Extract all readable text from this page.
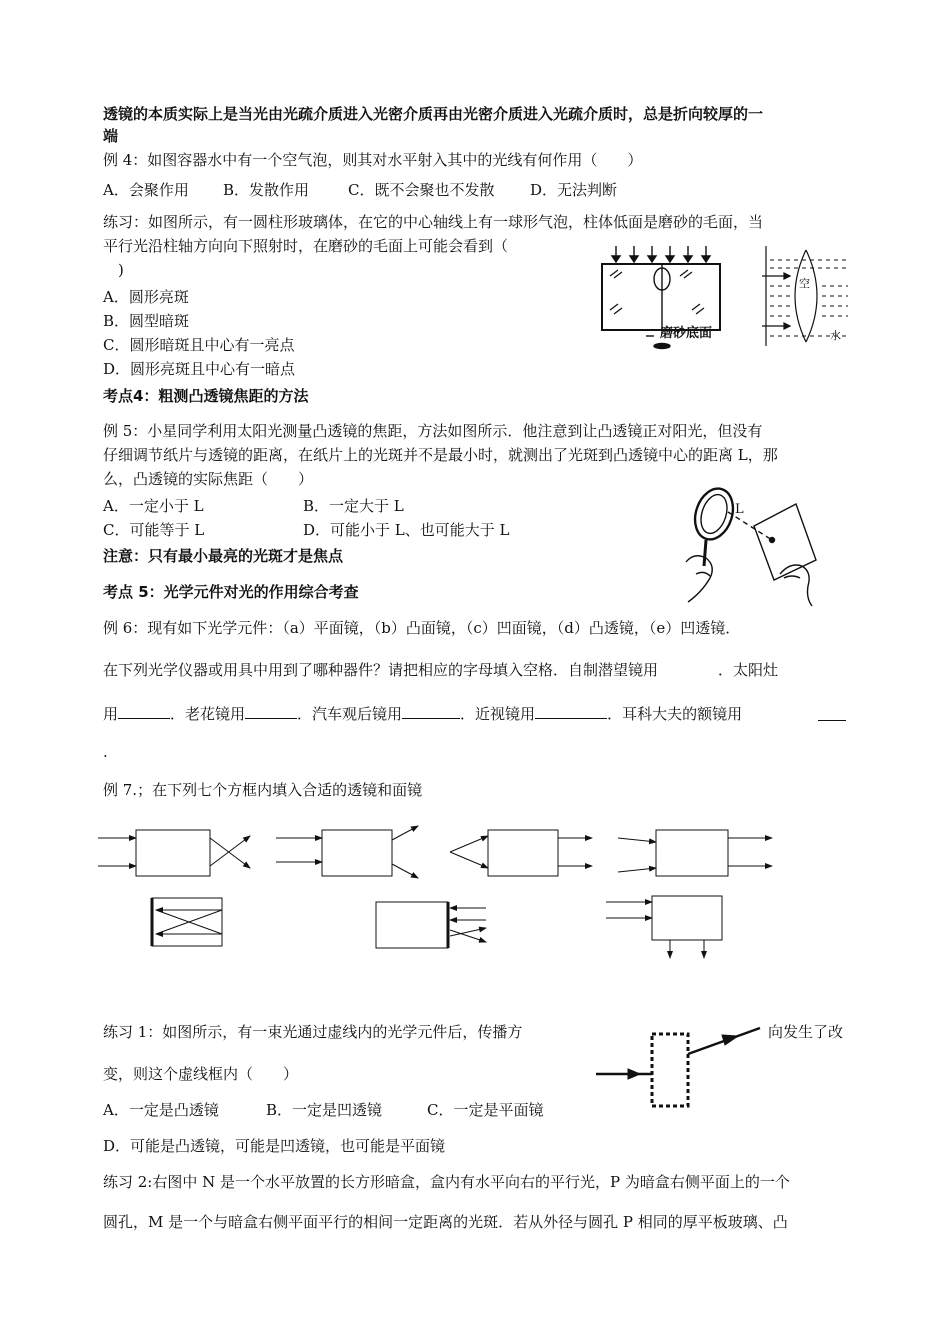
透镜的本质实际上是当光由光疏介质进入光密介质再由光密介质进入光疏介质时，总是折向较厚的一
端
例 4：如图容器水中有一个空气泡，则其对水平射入其中的光线有何作用（　　）
A．会聚作用 B．发散作用	C．既不会聚也不发散 D．无法判断
练习：如图所示，有一圆柱形玻璃体，在它的中心轴线上有一球形气泡，柱体低面是磨砂的毛面，当
平行光沿柱轴方向向下照射时，在磨砂的毛面上可能会看到（
)
A．圆形亮斑
B．圆型暗斑
C．圆形暗斑且中心有一亮点
D．圆形亮斑且中心有一暗点
磨砂底面
空
水
考点4：粗测凸透镜焦距的方法
例 5：小星同学利用太阳光测量凸透镜的焦距，方法如图所示．他注意到让凸透镜正对阳光，但没有
仔细调节纸片与透镜的距离，在纸片上的光斑并不是最小时，就测出了光斑到凸透镜中心的距离 L，那
么，凸透镜的实际焦距（　　）
A．一定小于 L	B．一定大于 L
C．可能等于 L	D．可能小于 L、也可能大于 L
注意：只有最小最亮的光斑才是焦点
L
考点 5：光学元件对光的作用综合考查
例 6：现有如下光学元件：（a）平面镜，（b）凸面镜，（c）凹面镜，（d）凸透镜，（e）凹透镜．
在下列光学仪器或用具中用到了哪种器件？请把相应的字母填入空格．自制潜望镜用　　　　．太阳灶
用	．老花镜用	．汽车观后镜用	．近视镜用	．耳科大夫的额镜用
.
例 7.；在下列七个方框内填入合适的透镜和面镜
练习 1：如图所示，有一束光通过虚线内的光学元件后，传播方	向发生了改
变，则这个虚线框内（　　）
A．一定是凸透镜	B．一定是凹透镜	C．一定是平面镜
D．可能是凸透镜，可能是凹透镜，也可能是平面镜
练习 2:右图中 N 是一个水平放置的长方形暗盒，盒内有水平向右的平行光，P 为暗盒右侧平面上的一个
圆孔，M 是一个与暗盒右侧平面平行的相间一定距离的光斑．若从外径与圆孔 P 相同的厚平板玻璃、凸
